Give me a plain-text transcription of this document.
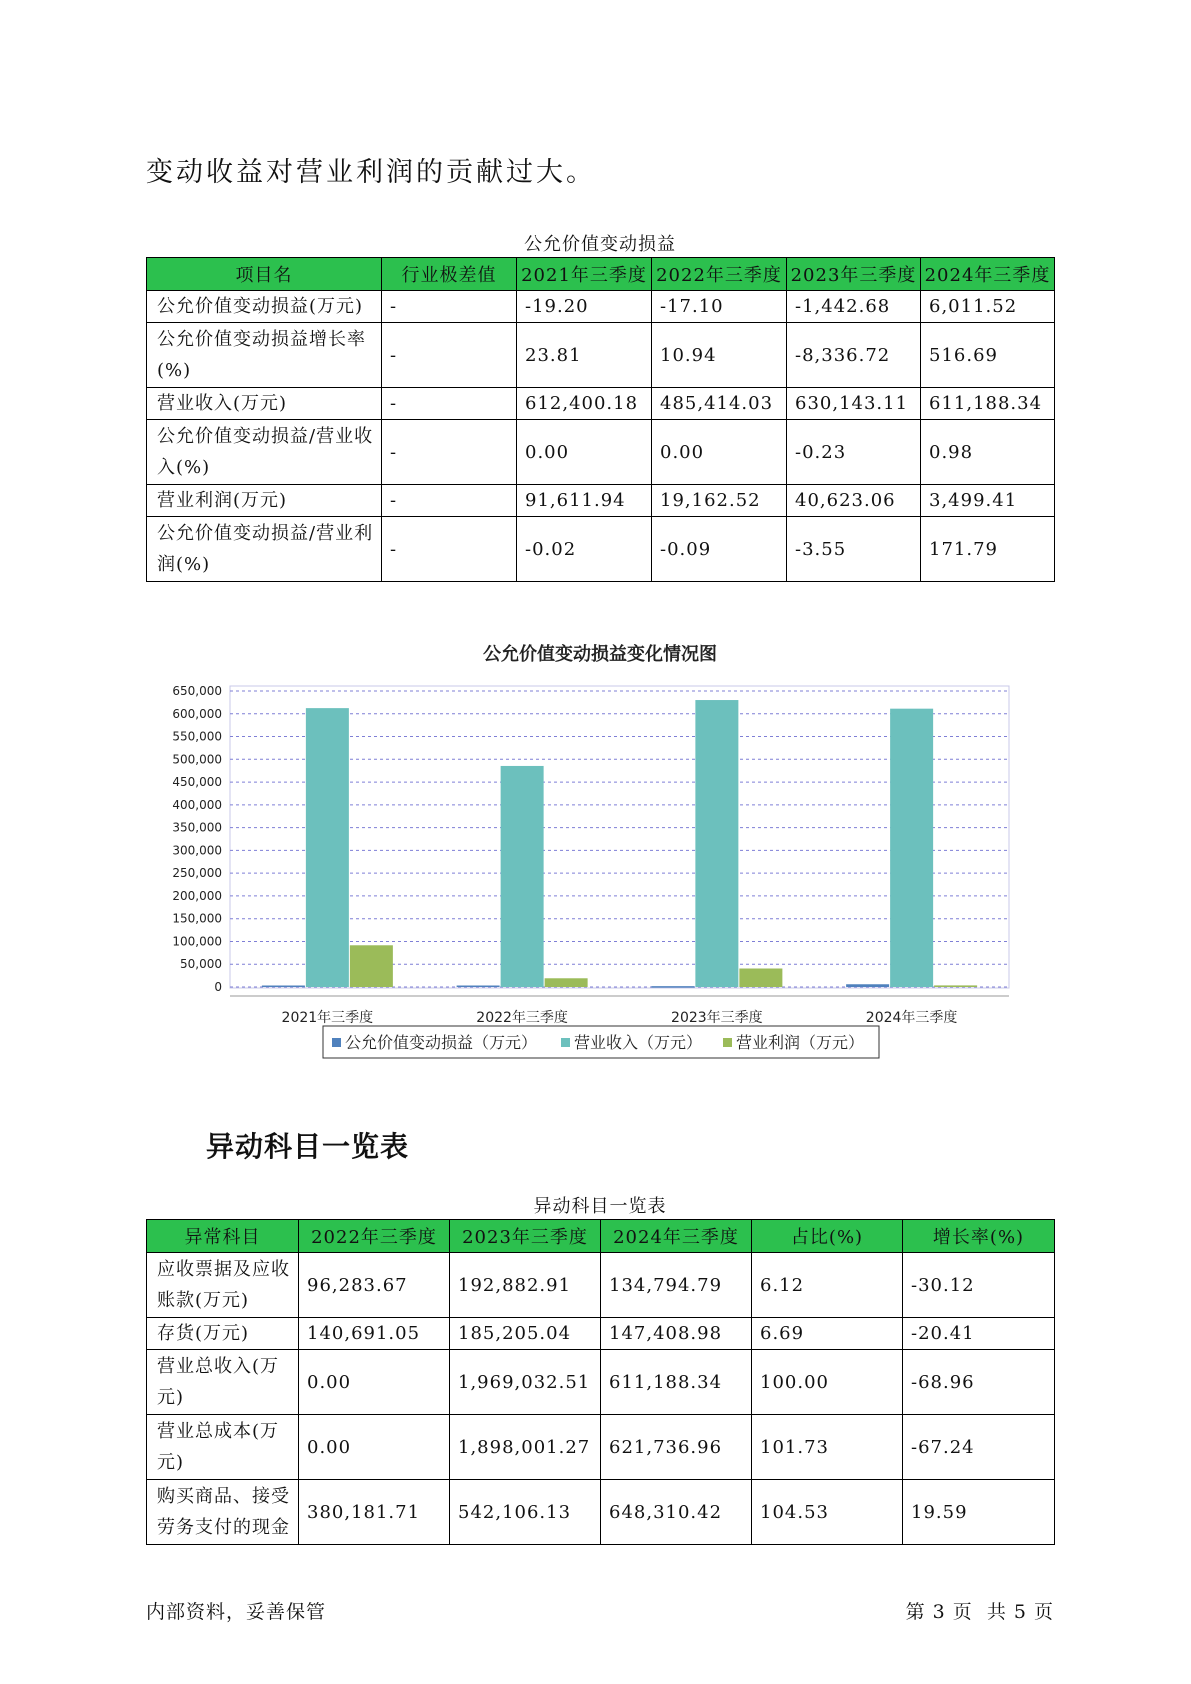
变动收益对营业利润的贡献过大。
公允价值变动损益
项目名	行业极差值	2021年三季度	2022年三季度	2023年三季度	2024年三季度
公允价值变动损益(万元)	-	-19.20	-17.10	-1,442.68	6,011.52
公允价值变动损益增长率(%)	-	23.81	10.94	-8,336.72	516.69
营业收入(万元)	-	612,400.18	485,414.03	630,143.11	611,188.34
公允价值变动损益/营业收入(%)	-	0.00	0.00	-0.23	0.98
营业利润(万元)	-	91,611.94	19,162.52	40,623.06	3,499.41
公允价值变动损益/营业利润(%)	-	-0.02	-0.09	-3.55	171.79
公允价值变动损益变化情况图
650,000
600,000
550,000
500,000
450,000
400,000
350,000
300,000
250,000
200,000
150,000
100,000
50,000
0
2021年三季度	2022年三季度	2023年三季度	2024年三季度
公允价值变动损益（万元） 营业收入（万元） 营业利润（万元）
异动科目一览表
异动科目一览表
异常科目	2022年三季度	2023年三季度	2024年三季度	占比(%)	增长率(%)
应收票据及应收账款(万元)	96,283.67	192,882.91	134,794.79	6.12	-30.12
存货(万元)	140,691.05	185,205.04	147,408.98	6.69	-20.41
营业总收入(万元)	0.00	1,969,032.51	611,188.34	100.00	-68.96
营业总成本(万元)	0.00	1,898,001.27	621,736.96	101.73	-67.24
购买商品、接受劳务支付的现金	380,181.71	542,106.13	648,310.42	104.53	19.59
内部资料，妥善保管	第 3 页  共 5 页
